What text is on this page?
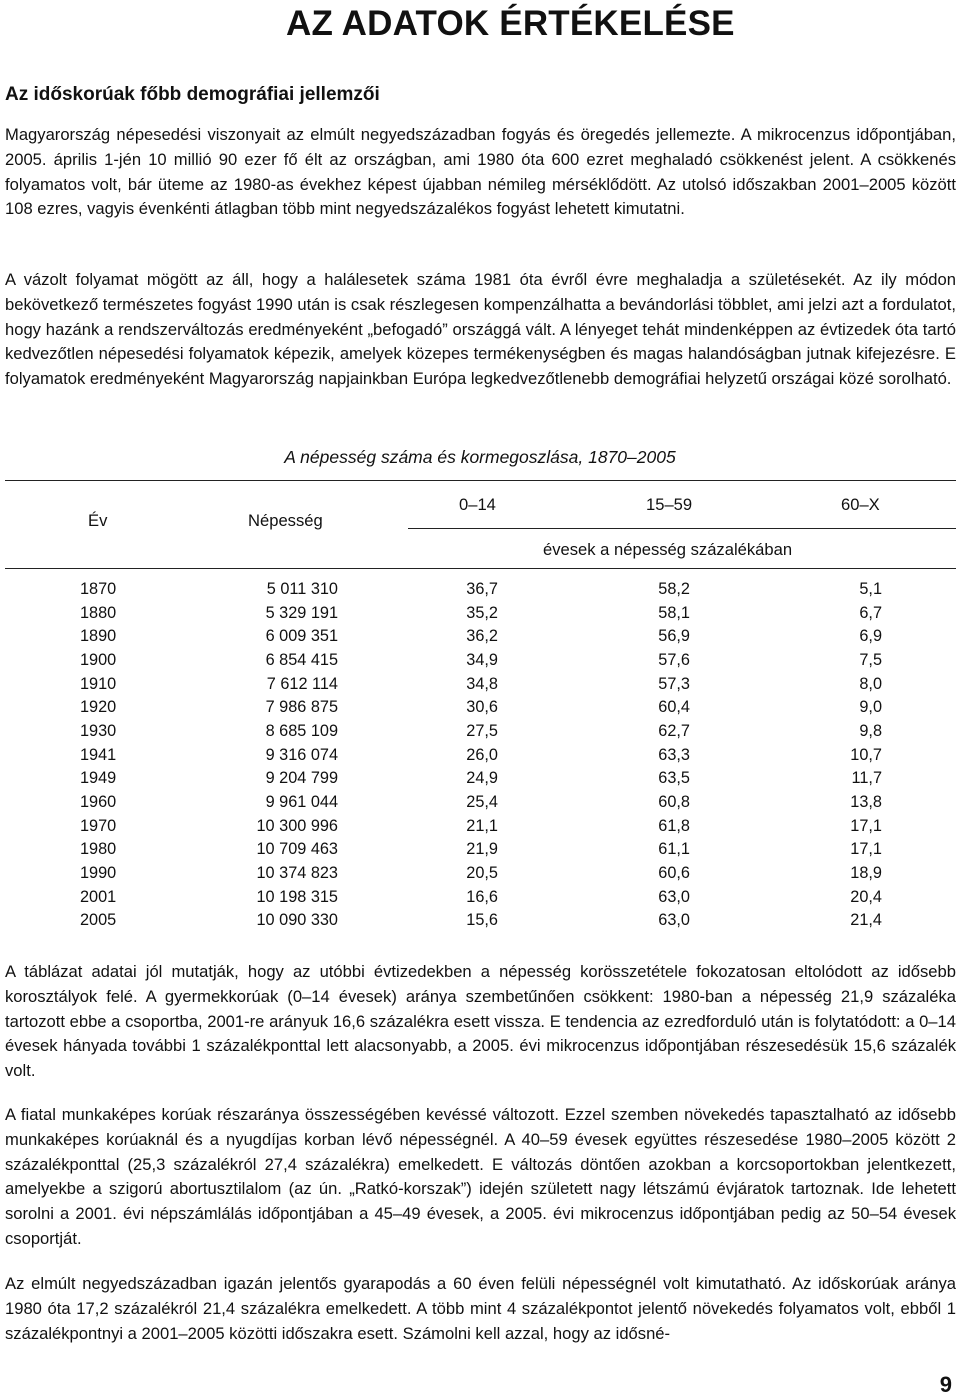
AZ ADATOK ÉRTÉKELÉSE
Az időskorúak főbb demográfiai jellemzői

Magyarország népesedési viszonyait az elmúlt negyedszázadban fogyás és öregedés jellemezte. A mikrocenzus időpontjában, 2005. április 1-jén 10 millió 90 ezer fő élt az országban, ami 1980 óta 600 ezret meghaladó csökkenést jelent. A csökkenés folyamatos volt, bár üteme az 1980-as évekhez képest újabban némileg mérséklődött. Az utolsó időszakban 2001–2005 között 108 ezres, vagyis évenkénti átlagban több mint negyedszázalékos fogyást lehetett kimutatni.

A vázolt folyamat mögött az áll, hogy a halálesetek száma 1981 óta évről évre meghaladja a születésekét. Az ily módon bekövetkező természetes fogyást 1990 után is csak részlegesen kompenzálhatta a bevándorlási többlet, ami jelzi azt a fordulatot, hogy hazánk a rendszerváltozás eredményeként „befogadó” országgá vált. A lényeget tehát mindenképpen az évtizedek óta tartó kedvezőtlen népesedési folyamatok képezik, amelyek közepes termékenységben és magas halandóságban jutnak kifejezésre. E folyamatok eredményeként Magyarország napjainkban Európa legkedvezőtlenebb demográfiai helyzetű országai közé sorolható.

A népesség száma és kormegoszlása, 1870–2005

Év	Népesség
0–14	15–59	60–X
évesek a népesség százalékában
1870	5 011 310	36,7	58,2	5,1
1880	5 329 191	35,2	58,1	6,7
1890	6 009 351	36,2	56,9	6,9
1900	6 854 415	34,9	57,6	7,5
1910	7 612 114	34,8	57,3	8,0
1920	7 986 875	30,6	60,4	9,0
1930	8 685 109	27,5	62,7	9,8
1941	9 316 074	26,0	63,3	10,7
1949	9 204 799	24,9	63,5	11,7
1960	9 961 044	25,4	60,8	13,8
1970	10 300 996	21,1	61,8	17,1
1980	10 709 463	21,9	61,1	17,1
1990	10 374 823	20,5	60,6	18,9
2001	10 198 315	16,6	63,0	20,4
2005	10 090 330	15,6	63,0	21,4

A táblázat adatai jól mutatják, hogy az utóbbi évtizedekben a népesség korösszetétele fokozatosan eltolódott az idősebb korosztályok felé. A gyermekkorúak (0–14 évesek) aránya szembetűnően csökkent: 1980-ban a népesség 21,9 százaléka tartozott ebbe a csoportba, 2001-re arányuk 16,6 százalékra esett vissza. E tendencia az ezredforduló után is folytatódott: a 0–14 évesek hányada további 1 százalékponttal lett alacsonyabb, a 2005. évi mikrocenzus időpontjában részesedésük 15,6 százalék volt.

A fiatal munkaképes korúak részaránya összességében kevéssé változott. Ezzel szemben növekedés tapasztalható az idősebb munkaképes korúaknál és a nyugdíjas korban lévő népességnél. A 40–59 évesek együttes részesedése 1980–2005 között 2 százalékponttal (25,3 százalékról 27,4 százalékra) emelkedett. E változás döntően azokban a korcsoportokban jelentkezett, amelyekbe a szigorú abortusztilalom (az ún. „Ratkó-korszak”) idején született nagy létszámú évjáratok tartoznak. Ide lehetett sorolni a 2001. évi népszámlálás időpontjában a 45–49 évesek, a 2005. évi mikrocenzus időpontjában pedig az 50–54 évesek csoportját.

Az elmúlt negyedszázadban igazán jelentős gyarapodás a 60 éven felüli népességnél volt kimutatható. Az időskorúak aránya 1980 óta 17,2 százalékról 21,4 százalékra emelkedett. A több mint 4 százalékpontot jelentő növekedés folyamatos volt, ebből 1 százalékpontnyi a 2001–2005 közötti időszakra esett. Számolni kell azzal, hogy az idősné-

9
